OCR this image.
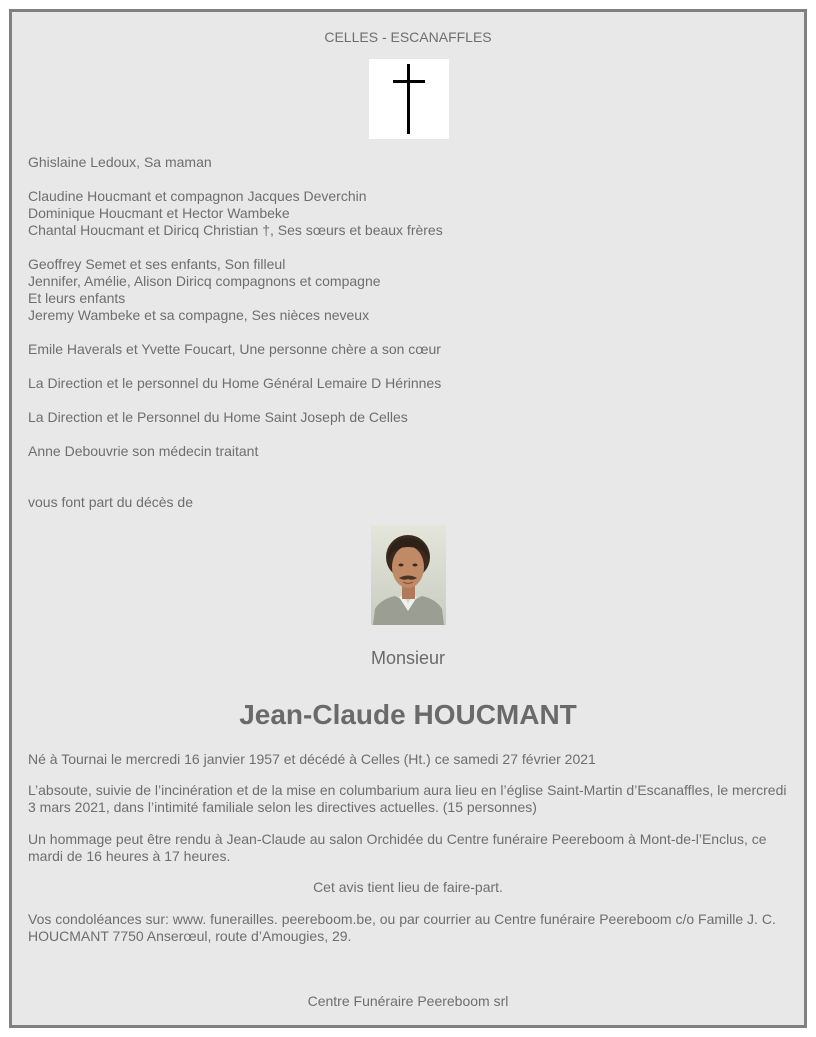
CELLES - ESCANAFFLES
Ghislaine Ledoux, Sa maman
Claudine Houcmant et compagnon Jacques Deverchin
Dominique Houcmant et Hector Wambeke
Chantal Houcmant et Diricq Christian †, Ses sœurs et beaux frères
Geoffrey Semet et ses enfants, Son filleul
Jennifer, Amélie, Alison Diricq compagnons et compagne
Et leurs enfants
Jeremy Wambeke et sa compagne, Ses nièces neveux
Emile Haverals et Yvette Foucart, Une personne chère a son cœur
La Direction et le personnel du Home Général Lemaire D Hérinnes
La Direction et le Personnel du Home Saint Joseph de Celles
Anne Debouvrie son médecin traitant
vous font part du décès de
Monsieur
Jean-Claude HOUCMANT
Né à Tournai le mercredi 16 janvier 1957 et décédé à Celles (Ht.) ce samedi 27 février 2021
L’absoute, suivie de l’incinération et de la mise en columbarium aura lieu en l’église Saint-Martin d’Escanaffles, le mercredi 3 mars 2021, dans l’intimité familiale selon les directives actuelles. (15 personnes)
Un hommage peut être rendu à Jean-Claude au salon Orchidée du Centre funéraire Peereboom à Mont-de-l’Enclus, ce mardi de 16 heures à 17 heures.
Cet avis tient lieu de faire-part.
Vos condoléances sur: www. funerailles. peereboom.be, ou par courrier au Centre funéraire Peereboom c/o Famille J. C. HOUCMANT 7750 Anserœul, route d’Amougies, 29.
Centre Funéraire Peereboom srl
